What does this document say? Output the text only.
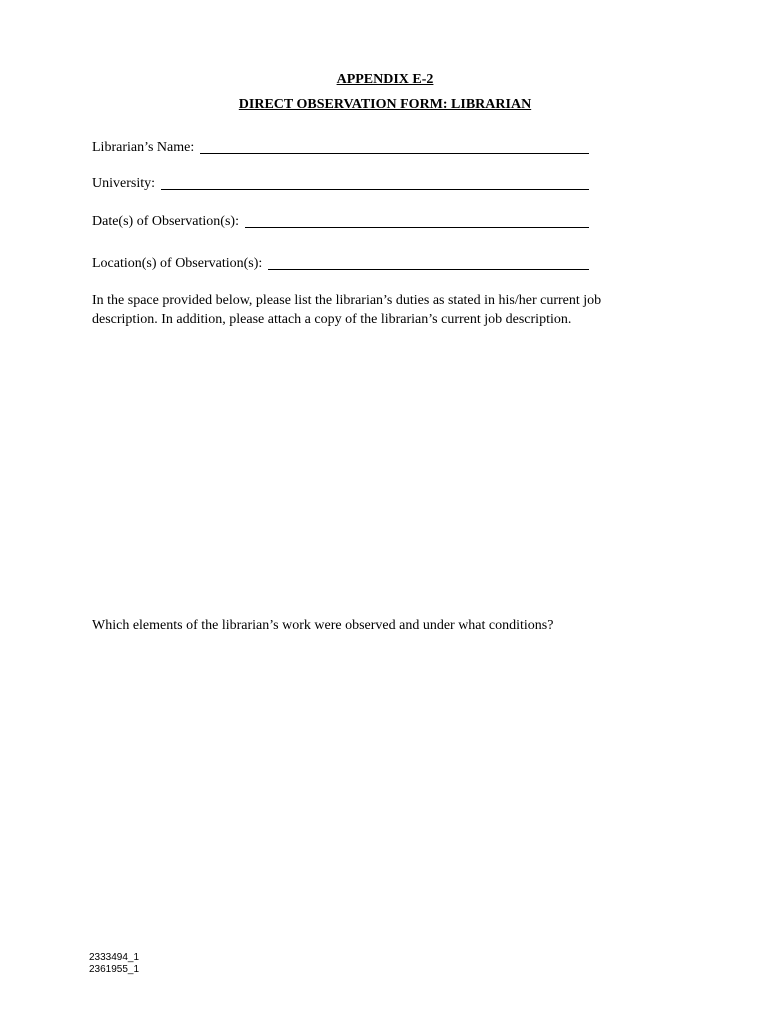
APPENDIX E-2
DIRECT OBSERVATION FORM: LIBRARIAN
Librarian’s Name:
University:
Date(s) of Observation(s):
Location(s) of Observation(s):
In the space provided below, please list the librarian’s duties as stated in his/her current job
description. In addition, please attach a copy of the librarian’s current job description.
Which elements of the librarian’s work were observed and under what conditions?
2333494_1
2361955_1
